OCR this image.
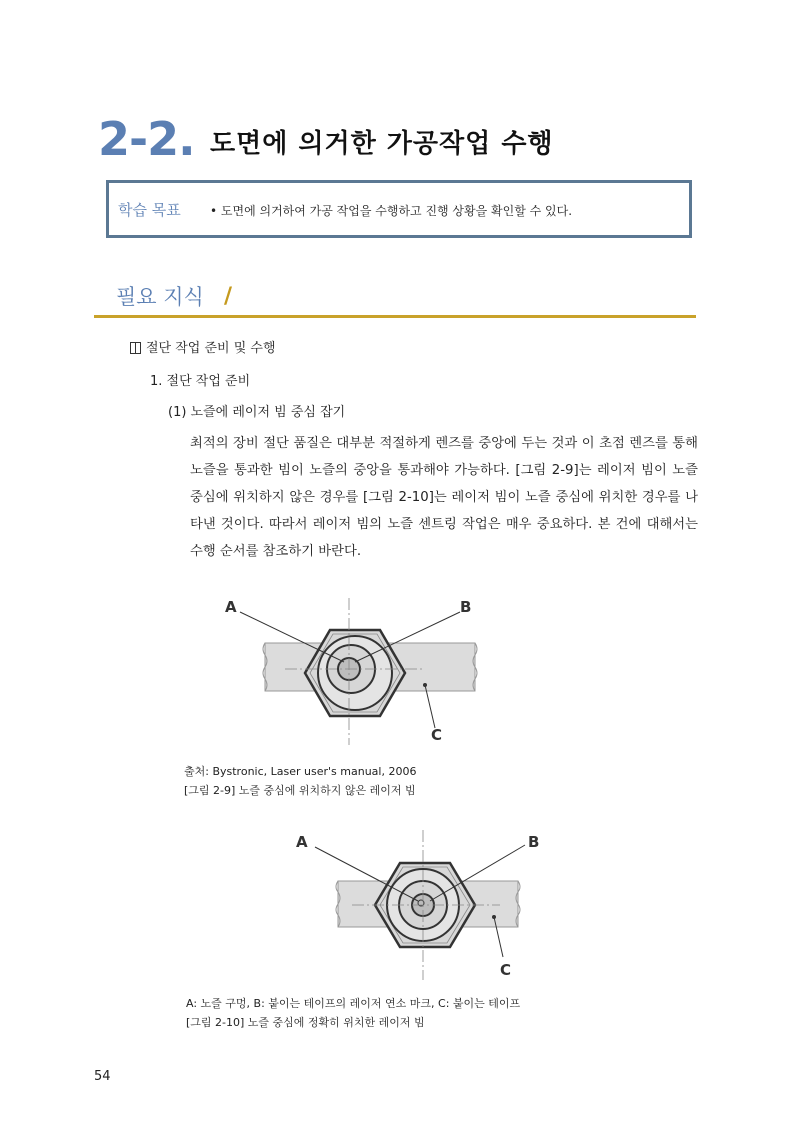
2-2. 도면에 의거한 가공작업 수행
학습 목표 • 도면에 의거하여 가공 작업을 수행하고 진행 상황을 확인할 수 있다.
필요 지식 /
절단 작업 준비 및 수행
1. 절단 작업 준비
(1) 노즐에 레이저 빔 중심 잡기
최적의 장비 절단 품질은 대부분 적절하게 렌즈를 중앙에 두는 것과 이 초점 렌즈를 통해 노즐을 통과한 빔이 노즐의 중앙을 통과해야 가능하다. [그림 2-9]는 레이저 빔이 노즐 중심에 위치하지 않은 경우를 [그림 2-10]는 레이저 빔이 노즐 중심에 위치한 경우를 나타낸 것이다. 따라서 레이저 빔의 노즐 센트링 작업은 매우 중요하다. 본 건에 대해서는 수행 순서를 참조하기 바란다.
A	B
C
출처: Bystronic, Laser user's manual, 2006
[그림 2-9] 노즐 중심에 위치하지 않은 레이저 빔
A	B
C
A: 노즐 구멍, B: 붙이는 테이프의 레이저 연소 마크, C: 붙이는 테이프
[그림 2-10] 노즐 중심에 정확히 위치한 레이저 빔
54
